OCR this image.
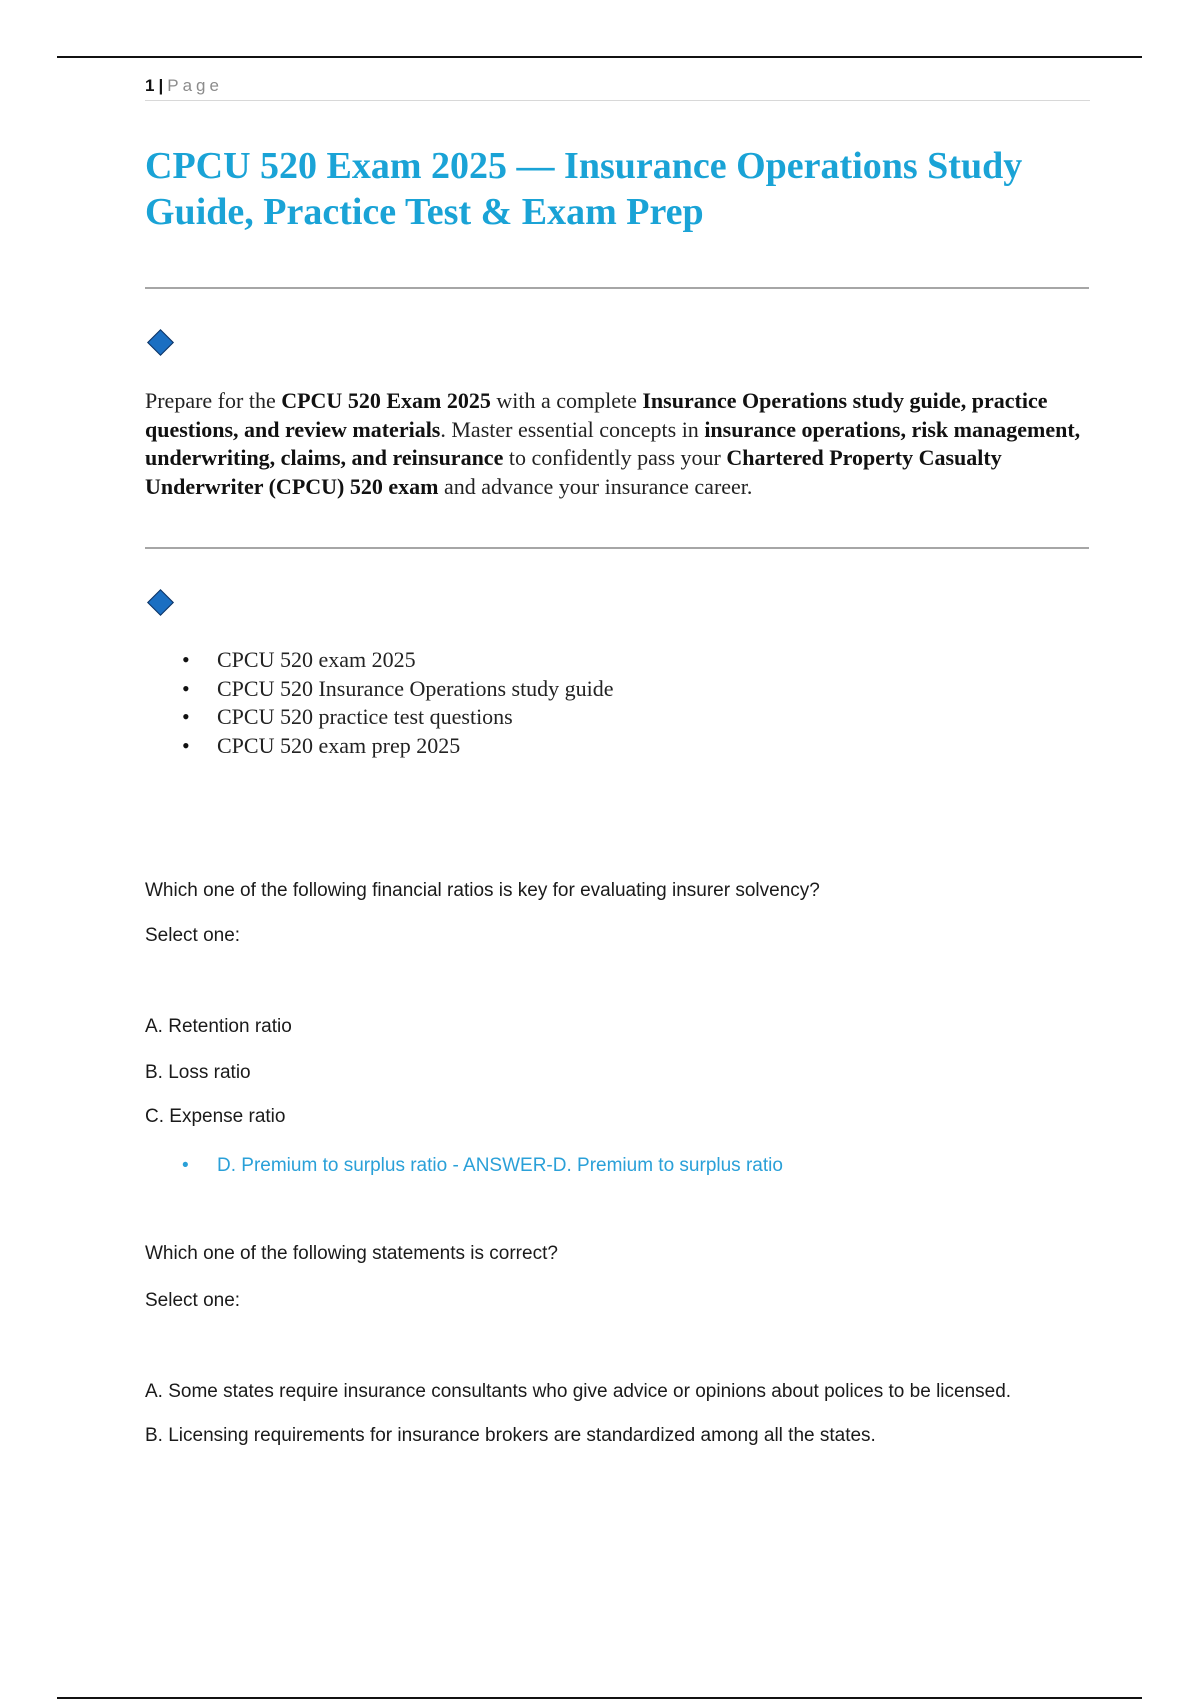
1 | Page
CPCU 520 Exam 2025 — Insurance Operations Study Guide, Practice Test & Exam Prep

Prepare for the CPCU 520 Exam 2025 with a complete Insurance Operations study guide, practice questions, and review materials. Master essential concepts in insurance operations, risk management, underwriting, claims, and reinsurance to confidently pass your Chartered Property Casualty Underwriter (CPCU) 520 exam and advance your insurance career.

• CPCU 520 exam 2025
• CPCU 520 Insurance Operations study guide
• CPCU 520 practice test questions
• CPCU 520 exam prep 2025

Which one of the following financial ratios is key for evaluating insurer solvency?

Select one:

A. Retention ratio

B. Loss ratio

C. Expense ratio

• D. Premium to surplus ratio - ANSWER-D. Premium to surplus ratio

Which one of the following statements is correct?

Select one:

A. Some states require insurance consultants who give advice or opinions about polices to be licensed.

B. Licensing requirements for insurance brokers are standardized among all the states.
